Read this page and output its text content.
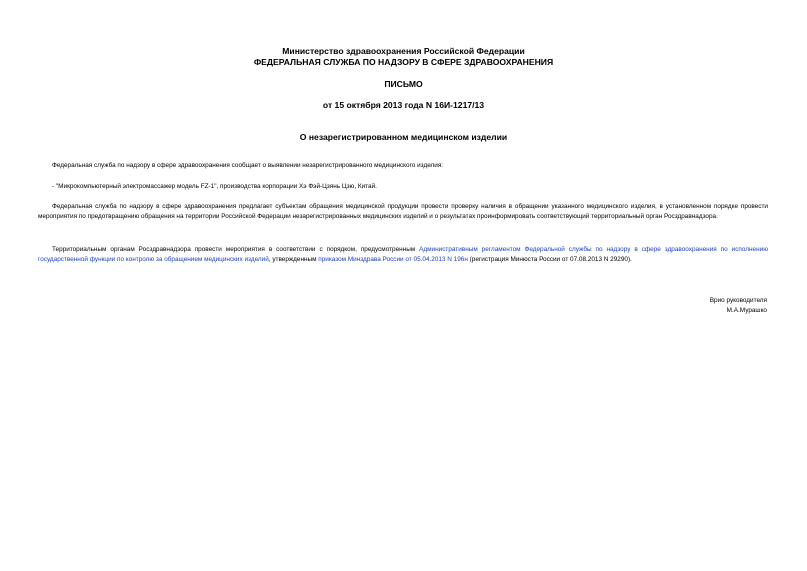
Министерство здравоохранения Российской Федерации
ФЕДЕРАЛЬНАЯ СЛУЖБА ПО НАДЗОРУ В СФЕРЕ ЗДРАВООХРАНЕНИЯ
ПИСЬМО
от 15 октября 2013 года N 16И-1217/13
О незарегистрированном медицинском изделии
Федеральная служба по надзору в сфере здравоохранения сообщает о выявлении незарегистрированного медицинского изделия:
- "Микрокомпьютерный электромассажер модель FZ-1", производства корпорации Хэ Фэй-Цзянь Цзю, Китай.
Федеральная служба по надзору в сфере здравоохранения предлагает субъектам обращения медицинской продукции провести проверку наличия в обращении указанного медицинского изделия, в установленном порядке провести мероприятия по предотвращению обращения на территории Российской Федерации незарегистрированных медицинских изделий и о результатах проинформировать соответствующий территориальный орган Росздравнадзора.
Территориальным органам Росздравнадзора провести мероприятия в соответствии с порядком, предусмотренным Административным регламентом Федеральной службы по надзору в сфере здравоохранения по исполнению государственной функции по контролю за обращением медицинских изделий, утвержденным приказом Минздрава России от 05.04.2013 N 196н (регистрация Минюста России от 07.08.2013 N 29290).
Врио руководителя
М.А.Мурашко
